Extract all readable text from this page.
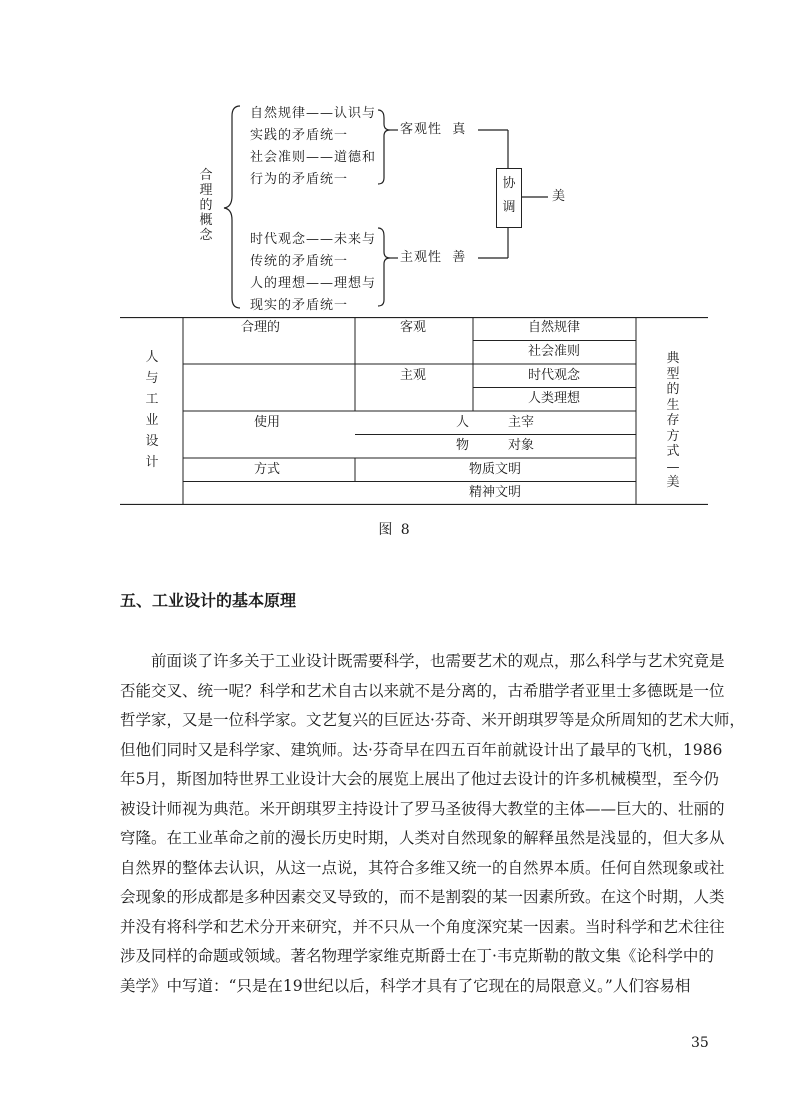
合
理
的
概
念
自然规律——认识与
实践的矛盾统一
社会准则——道德和
行为的矛盾统一
时代观念——未来与
传统的矛盾统一
人的理想——理想与
现实的矛盾统一
客观性  真
主观性  善
协
调
美
人
与
工
业
设
计
典
型
的
生
存
方
式
—
美
合理的	客观	自然规律
社会准则
主观	时代观念
人类理想
使用	人	主宰
物	对象
方式	物质文明
精神文明
图 8
五、工业设计的基本原理
　　前面谈了许多关于工业设计既需要科学，也需要艺术的观点，那么科学与艺术究竟是
否能交叉、统一呢？科学和艺术自古以来就不是分离的，古希腊学者亚里士多德既是一位
哲学家，又是一位科学家。文艺复兴的巨匠达·芬奇、米开朗琪罗等是众所周知的艺术大师，
但他们同时又是科学家、建筑师。达·芬奇早在四五百年前就设计出了最早的飞机，1986
年5月，斯图加特世界工业设计大会的展览上展出了他过去设计的许多机械模型，至今仍
被设计师视为典范。米开朗琪罗主持设计了罗马圣彼得大教堂的主体——巨大的、壮丽的
穹隆。在工业革命之前的漫长历史时期，人类对自然现象的解释虽然是浅显的，但大多从
自然界的整体去认识，从这一点说，其符合多维又统一的自然界本质。任何自然现象或社
会现象的形成都是多种因素交叉导致的，而不是割裂的某一因素所致。在这个时期，人类
并没有将科学和艺术分开来研究，并不只从一个角度深究某一因素。当时科学和艺术往往
涉及同样的命题或领域。著名物理学家维克斯爵士在丁·韦克斯勒的散文集《论科学中的
美学》中写道：“只是在19世纪以后，科学才具有了它现在的局限意义。”人们容易相
35
